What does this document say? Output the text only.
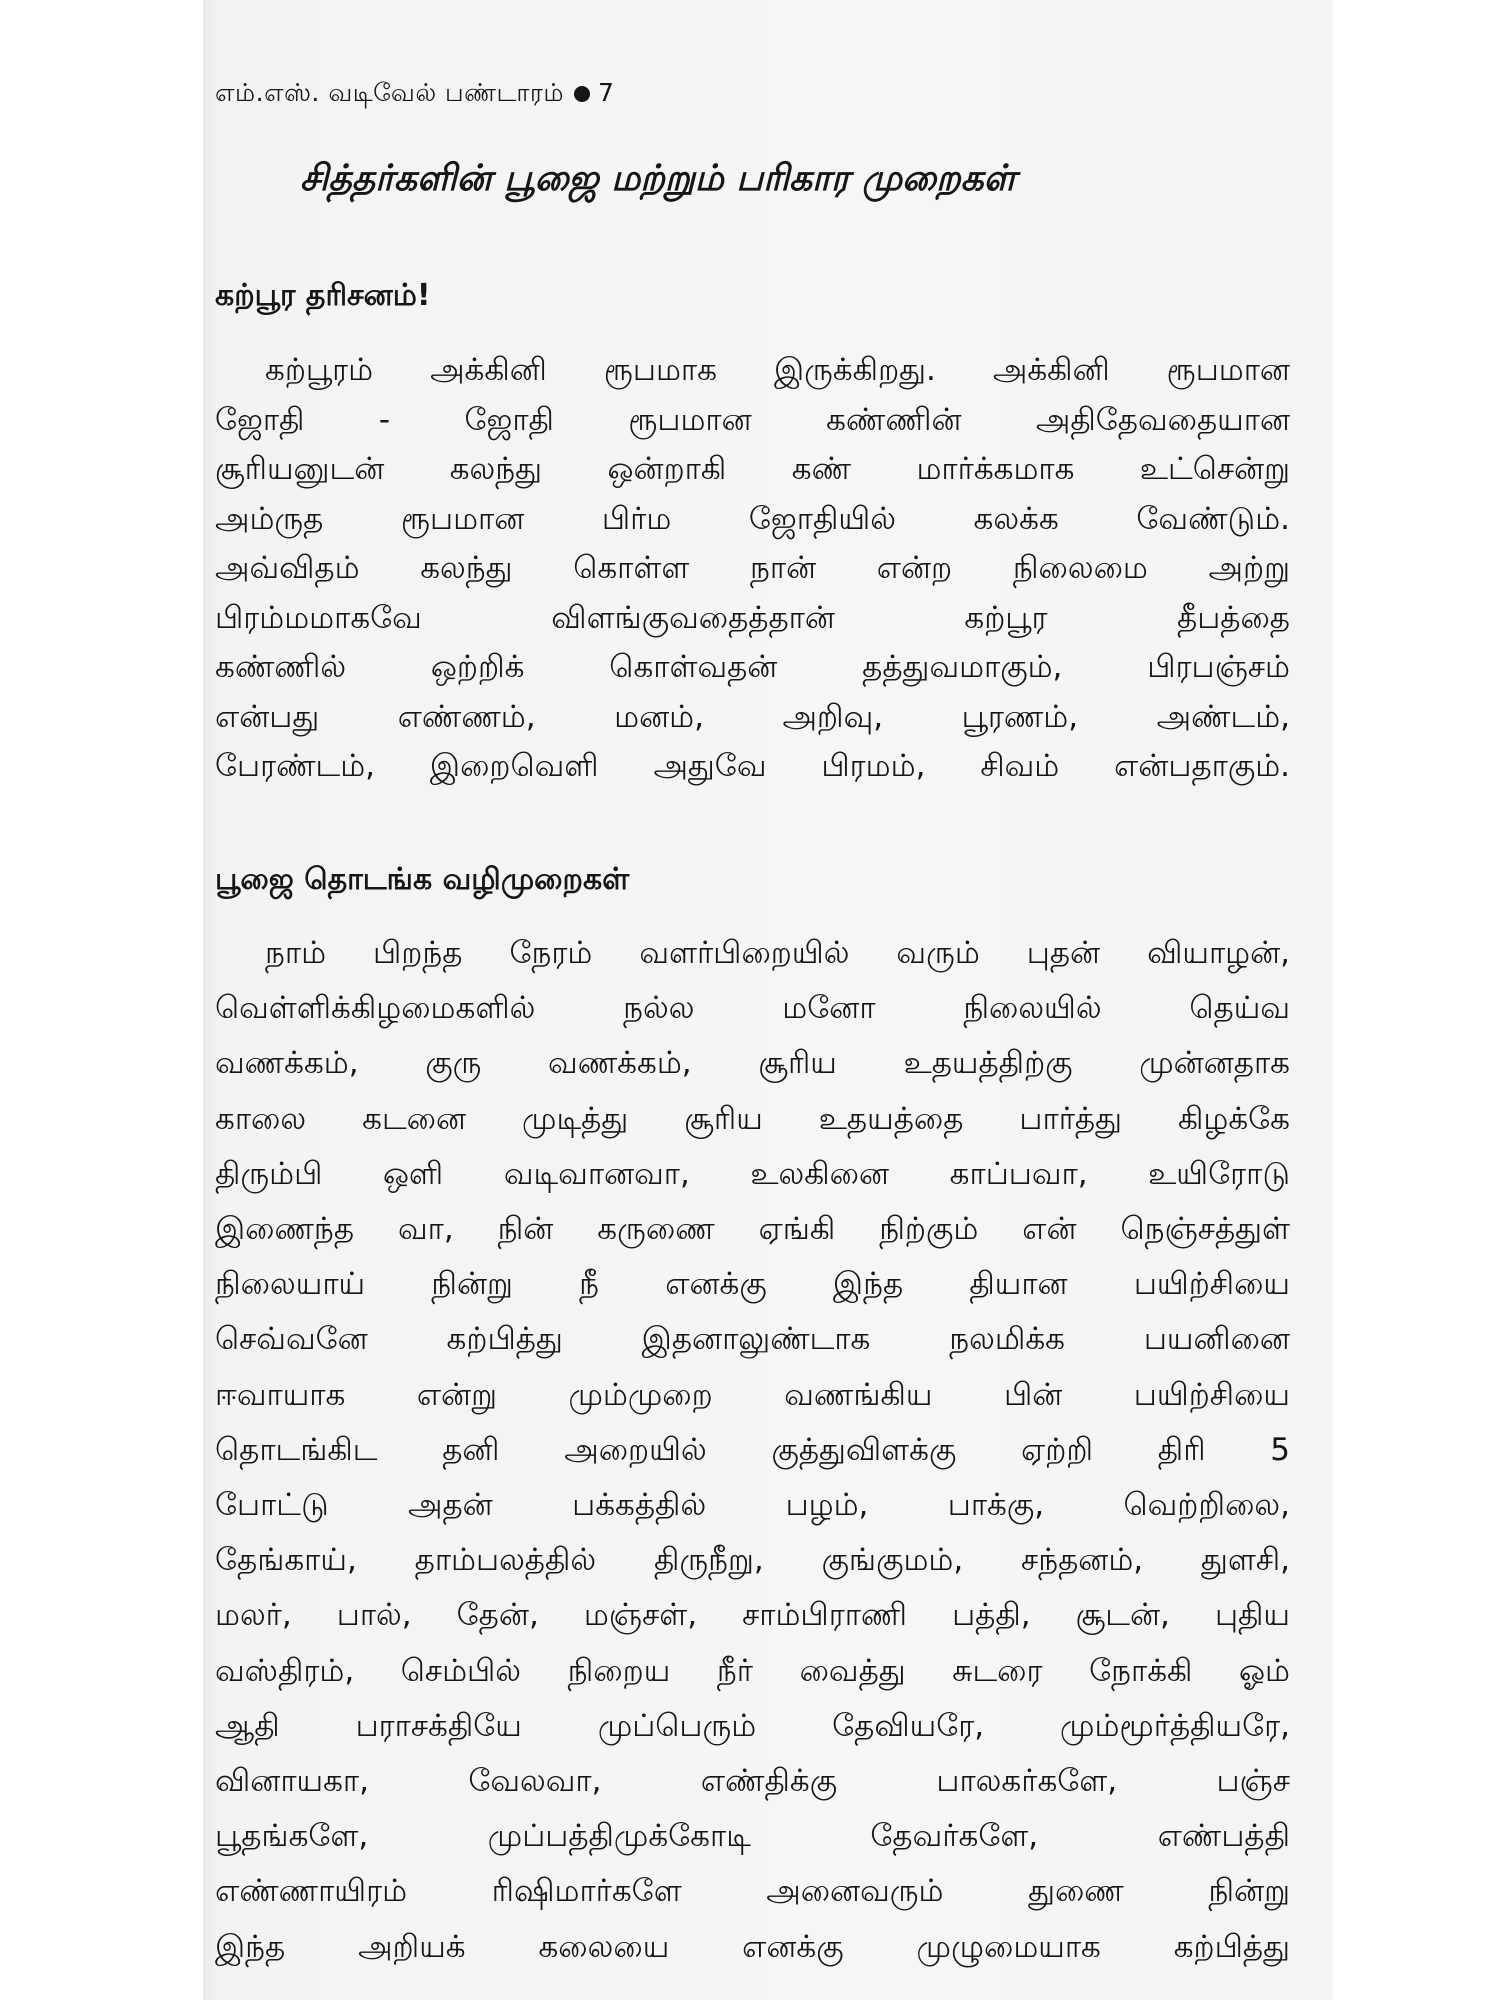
எம்.எஸ். வடிவேல் பண்டாரம் 7
சித்தர்களின் பூஜை மற்றும் பரிகார முறைகள்
கற்பூர தரிசனம்!
கற்பூரம் அக்கினி ரூபமாக இருக்கிறது. அக்கினி ரூபமான
ஜோதி - ஜோதி ரூபமான கண்ணின் அதிதேவதையான
சூரியனுடன் கலந்து ஒன்றாகி கண் மார்க்கமாக உட்சென்று
அம்ருத ரூபமான பிர்ம ஜோதியில் கலக்க வேண்டும்.
அவ்விதம் கலந்து கொள்ள நான் என்ற நிலைமை அற்று
பிரம்மமாகவே விளங்குவதைத்தான் கற்பூர தீபத்தை
கண்ணில் ஒற்றிக் கொள்வதன் தத்துவமாகும், பிரபஞ்சம்
என்பது எண்ணம், மனம், அறிவு, பூரணம், அண்டம்,
பேரண்டம், இறைவெளி அதுவே பிரமம், சிவம் என்பதாகும்.
பூஜை தொடங்க வழிமுறைகள்
நாம் பிறந்த நேரம் வளர்பிறையில் வரும் புதன் வியாழன்,
வெள்ளிக்கிழமைகளில் நல்ல மனோ நிலையில் தெய்வ
வணக்கம், குரு வணக்கம், சூரிய உதயத்திற்கு முன்னதாக
காலை கடனை முடித்து சூரிய உதயத்தை பார்த்து கிழக்கே
திரும்பி ஒளி வடிவானவா, உலகினை காப்பவா, உயிரோடு
இணைந்த வா, நின் கருணை ஏங்கி நிற்கும் என் நெஞ்சத்துள்
நிலையாய் நின்று நீ எனக்கு இந்த தியான பயிற்சியை
செவ்வனே கற்பித்து இதனாலுண்டாக நலமிக்க பயனினை
ஈவாயாக என்று மும்முறை வணங்கிய பின் பயிற்சியை
தொடங்கிட தனி அறையில் குத்துவிளக்கு ஏற்றி திரி 5
போட்டு அதன் பக்கத்தில் பழம், பாக்கு, வெற்றிலை,
தேங்காய், தாம்பலத்தில் திருநீறு, குங்குமம், சந்தனம், துளசி,
மலர், பால், தேன், மஞ்சள், சாம்பிராணி பத்தி, சூடன், புதிய
வஸ்திரம், செம்பில் நிறைய நீர் வைத்து சுடரை நோக்கி ஓம்
ஆதி பராசக்தியே முப்பெரும் தேவியரே, மும்மூர்த்தியரே,
வினாயகா, வேலவா, எண்திக்கு பாலகர்களே, பஞ்ச
பூதங்களே, முப்பத்திமுக்கோடி தேவர்களே, எண்பத்தி
எண்ணாயிரம் ரிஷிமார்களே அனைவரும் துணை நின்று
இந்த அறியக் கலையை எனக்கு முழுமையாக கற்பித்து
